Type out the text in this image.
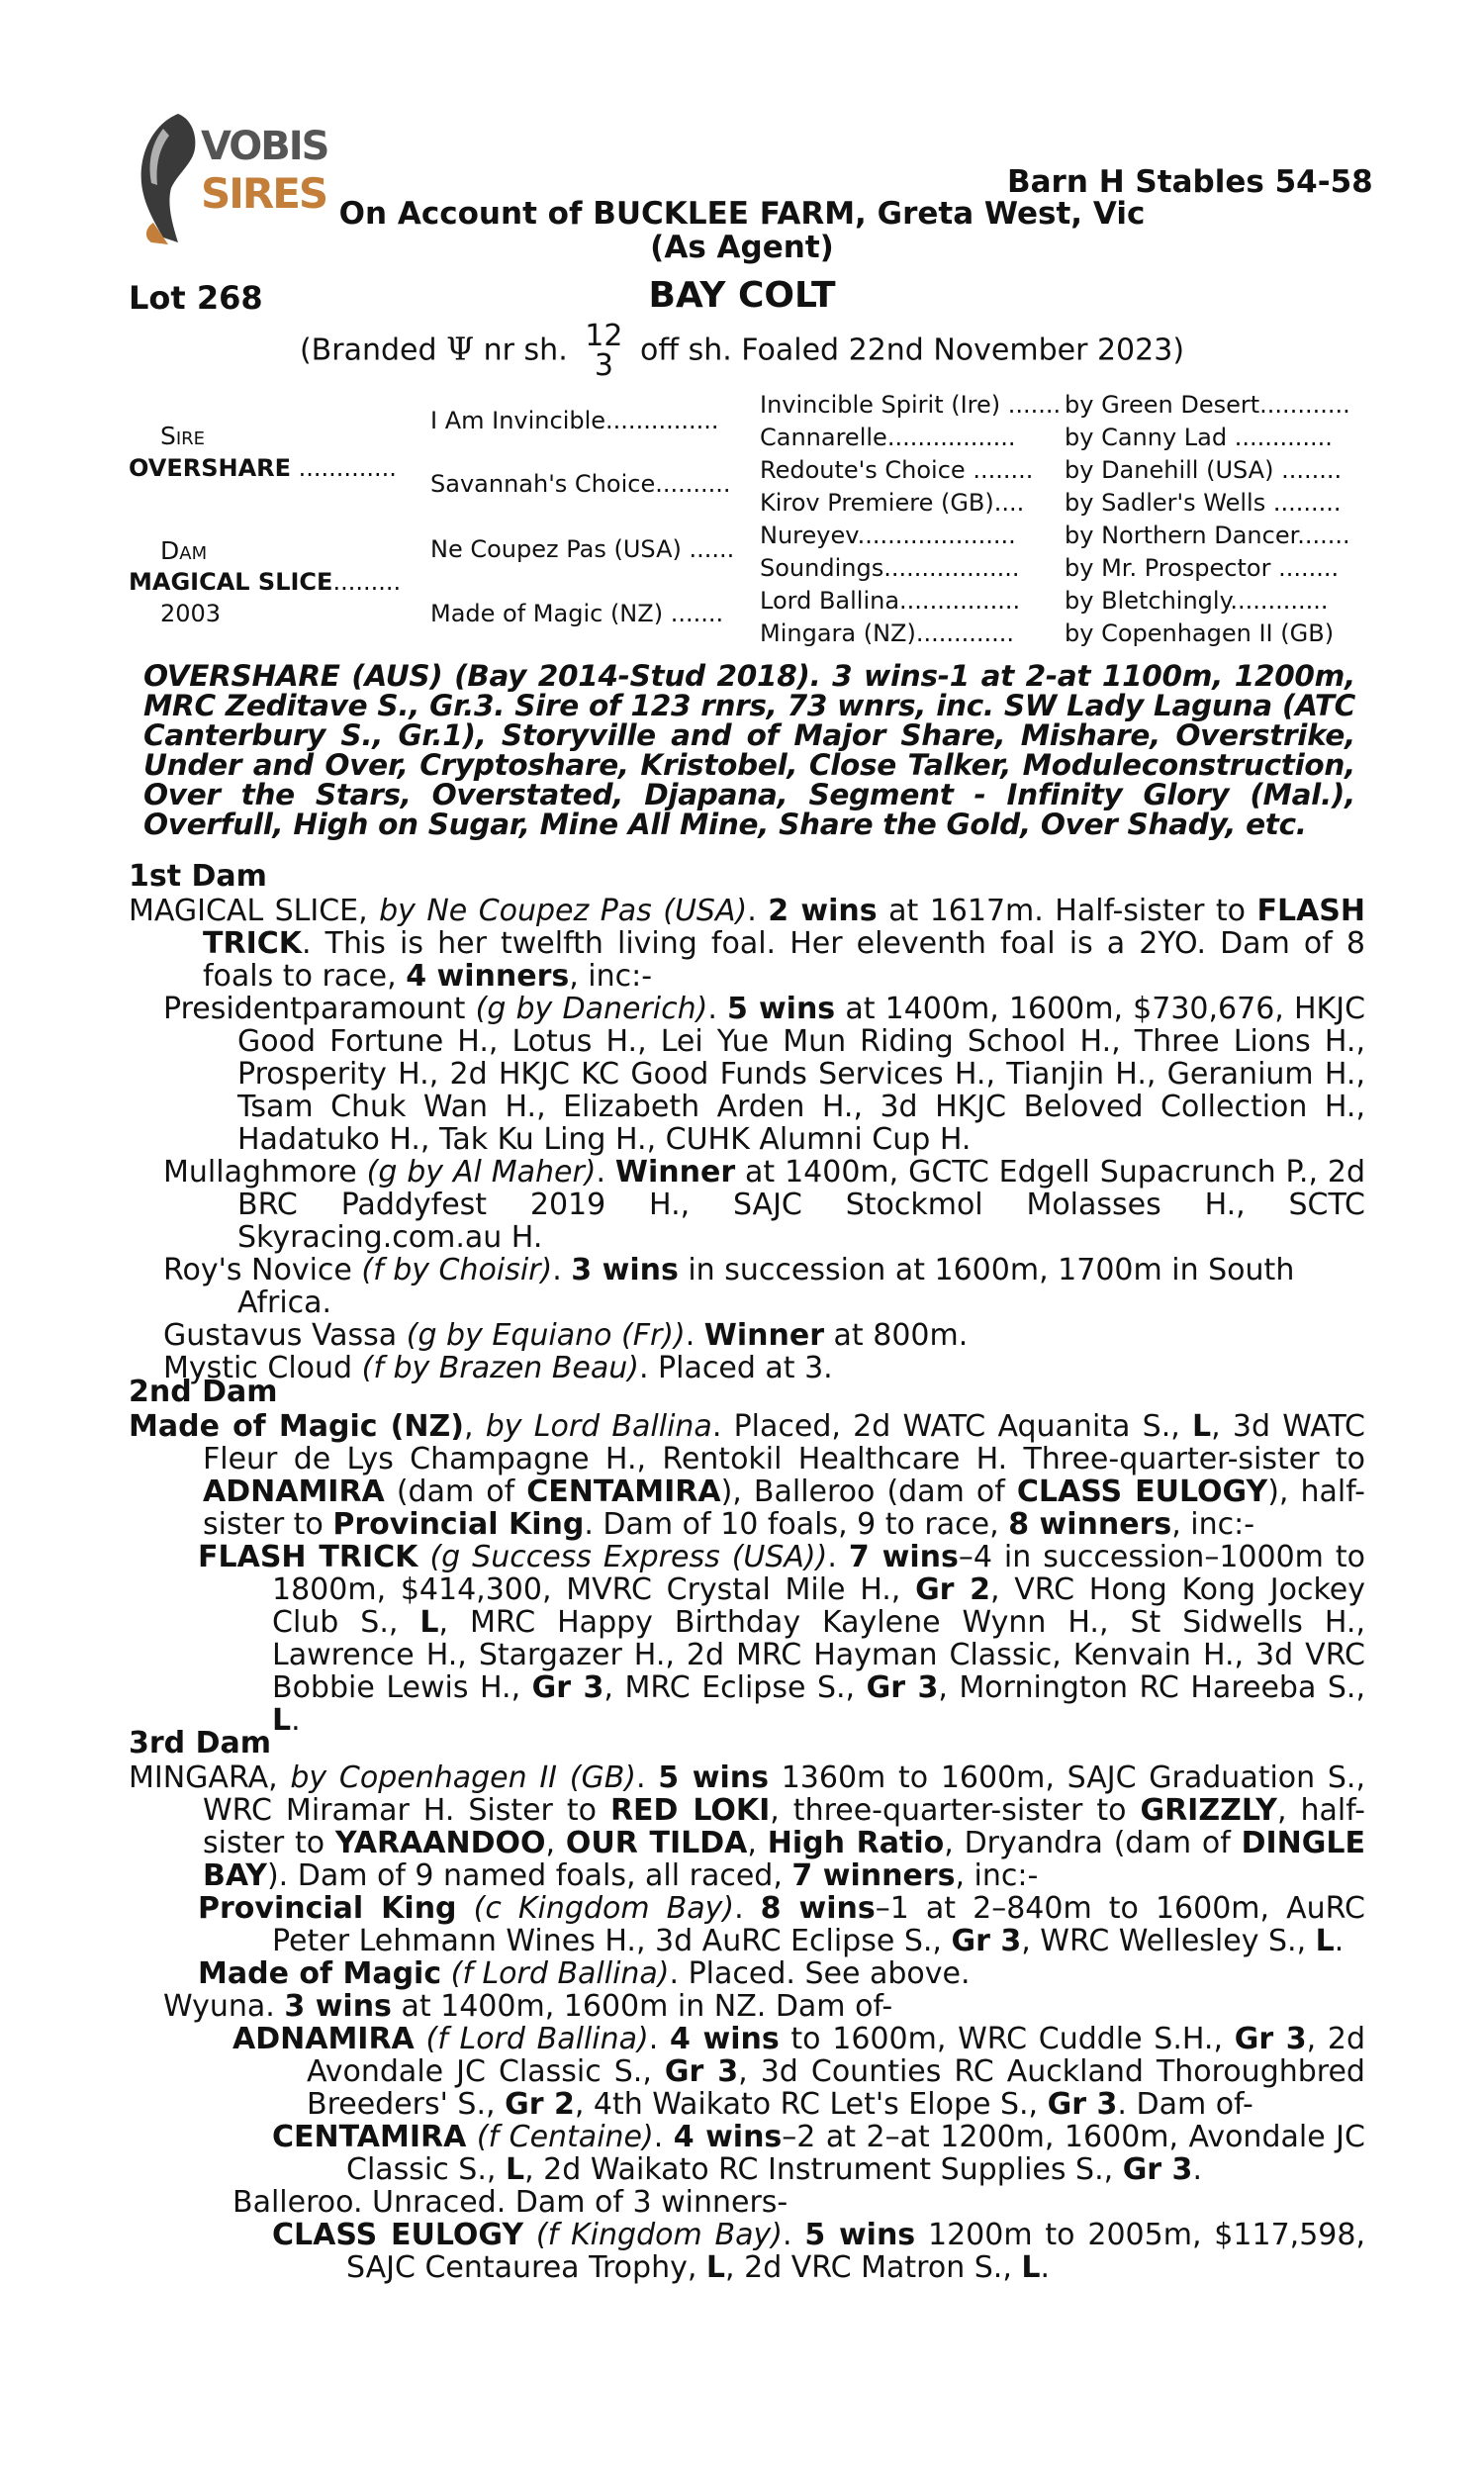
VOBIS
SIRES	Barn H Stables 54-58
On Account of BUCKLEE FARM, Greta West, Vic
(As Agent)
Lot 268	BAY COLT
(Branded Ψ nr sh. 12
3 off sh. Foaled 22nd November 2023)
Sire
OVERSHARE .............
Dam
MAGICAL SLICE.........
2003
I Am Invincible...............
Savannah's Choice..........
Ne Coupez Pas (USA) ......
Made of Magic (NZ) .......
Invincible Spirit (Ire) .......
Cannarelle.................
Redoute's Choice ........
Kirov Premiere (GB)....
Nureyev.....................
Soundings..................
Lord Ballina................
Mingara (NZ).............
by Green Desert............
by Canny Lad .............
by Danehill (USA) ........
by Sadler's Wells .........
by Northern Dancer.......
by Mr. Prospector ........
by Bletchingly.............
by Copenhagen II (GB)
OVERSHARE (AUS) (Bay 2014-Stud 2018). 3 wins-1 at 2-at 1100m, 1200m, MRC Zeditave S., Gr.3. Sire of 123 rnrs, 73 wnrs, inc. SW Lady Laguna (ATC Canterbury S., Gr.1), Storyville and of Major Share, Mishare, Overstrike, Under and Over, Cryptoshare, Kristobel, Close Talker, Moduleconstruction, Over the Stars, Overstated, Djapana, Segment - Infinity Glory (Mal.), Overfull, High on Sugar, Mine All Mine, Share the Gold, Over Shady, etc.
1st Dam

MAGICAL SLICE, by Ne Coupez Pas (USA). 2 wins at 1617m. Half-sister to FLASH TRICK. This is her twelfth living foal. Her eleventh foal is a 2YO. Dam of 8 foals to race, 4 winners, inc:-

Presidentparamount (g by Danerich). 5 wins at 1400m, 1600m, $730,676, HKJC Good Fortune H., Lotus H., Lei Yue Mun Riding School H., Three Lions H., Prosperity H., 2d HKJC KC Good Funds Services H., Tianjin H., Geranium H., Tsam Chuk Wan H., Elizabeth Arden H., 3d HKJC Beloved Collection H., Hadatuko H., Tak Ku Ling H., CUHK Alumni Cup H.

Mullaghmore (g by Al Maher). Winner at 1400m, GCTC Edgell Supacrunch P., 2d BRC Paddyfest 2019 H., SAJC Stockmol Molasses H., SCTC Skyracing.com.au H.

Roy's Novice (f by Choisir). 3 wins in succession at 1600m, 1700m in South Africa.

Gustavus Vassa (g by Equiano (Fr)). Winner at 800m.

Mystic Cloud (f by Brazen Beau). Placed at 3.

2nd Dam

Made of Magic (NZ), by Lord Ballina. Placed, 2d WATC Aquanita S., L, 3d WATC Fleur de Lys Champagne H., Rentokil Healthcare H. Three-quarter-sister to ADNAMIRA (dam of CENTAMIRA), Balleroo (dam of CLASS EULOGY), half-sister to Provincial King. Dam of 10 foals, 9 to race, 8 winners, inc:-

FLASH TRICK (g Success Express (USA)). 7 wins–4 in succession–1000m to 1800m, $414,300, MVRC Crystal Mile H., Gr 2, VRC Hong Kong Jockey Club S., L, MRC Happy Birthday Kaylene Wynn H., St Sidwells H., Lawrence H., Stargazer H., 2d MRC Hayman Classic, Kenvain H., 3d VRC Bobbie Lewis H., Gr 3, MRC Eclipse S., Gr 3, Mornington RC Hareeba S., L.

3rd Dam

MINGARA, by Copenhagen II (GB). 5 wins 1360m to 1600m, SAJC Graduation S., WRC Miramar H. Sister to RED LOKI, three-quarter-sister to GRIZZLY, half-sister to YARAANDOO, OUR TILDA, High Ratio, Dryandra (dam of DINGLE BAY). Dam of 9 named foals, all raced, 7 winners, inc:-

Provincial King (c Kingdom Bay). 8 wins–1 at 2–840m to 1600m, AuRC Peter Lehmann Wines H., 3d AuRC Eclipse S., Gr 3, WRC Wellesley S., L.

Made of Magic (f Lord Ballina). Placed. See above.

Wyuna. 3 wins at 1400m, 1600m in NZ. Dam of-

ADNAMIRA (f Lord Ballina). 4 wins to 1600m, WRC Cuddle S.H., Gr 3, 2d Avondale JC Classic S., Gr 3, 3d Counties RC Auckland Thoroughbred Breeders' S., Gr 2, 4th Waikato RC Let's Elope S., Gr 3. Dam of-

CENTAMIRA (f Centaine). 4 wins–2 at 2–at 1200m, 1600m, Avondale JC Classic S., L, 2d Waikato RC Instrument Supplies S., Gr 3.

Balleroo. Unraced. Dam of 3 winners-

CLASS EULOGY (f Kingdom Bay). 5 wins 1200m to 2005m, $117,598, SAJC Centaurea Trophy, L, 2d VRC Matron S., L.
